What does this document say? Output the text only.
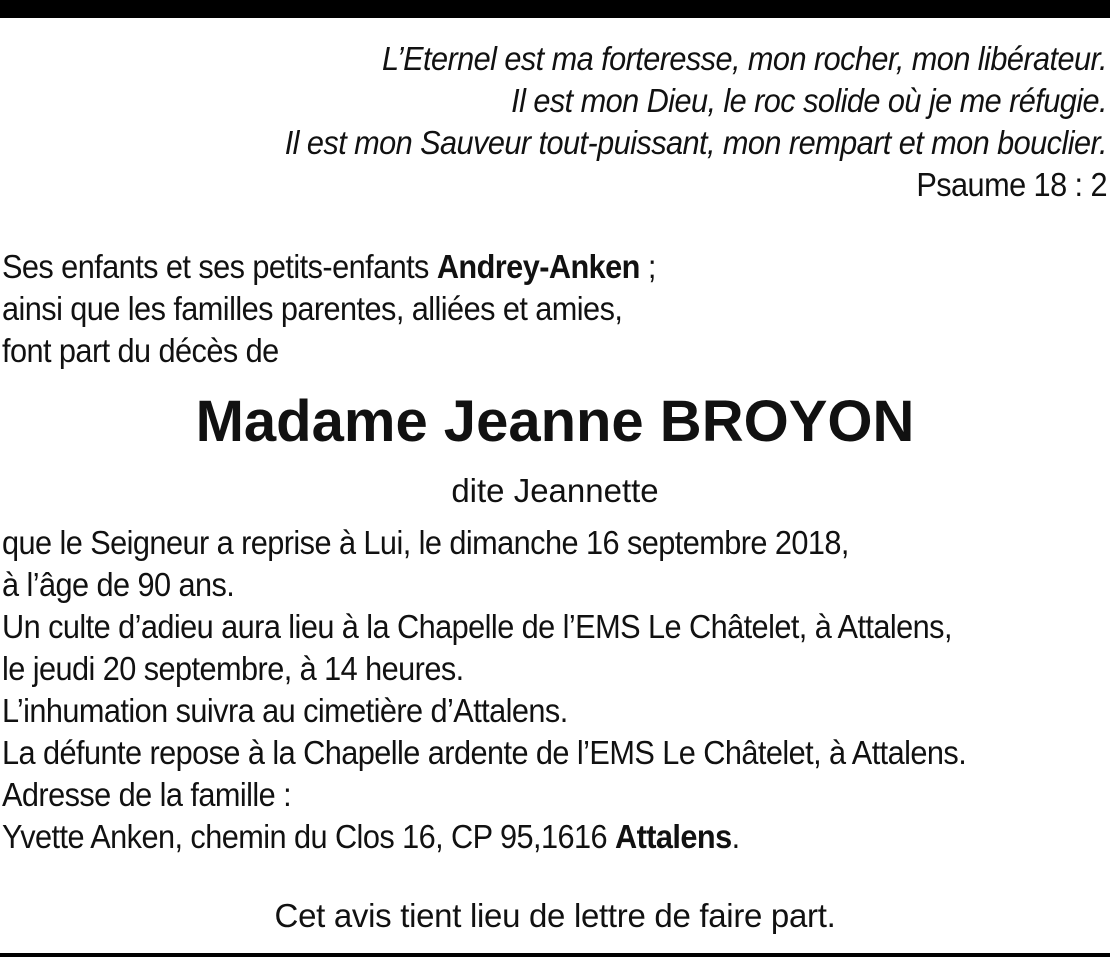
L’Eternel est ma forteresse, mon rocher, mon libérateur.
Il est mon Dieu, le roc solide où je me réfugie.
Il est mon Sauveur tout-puissant, mon rempart et mon bouclier.
Psaume 18 : 2
Ses enfants et ses petits-enfants Andrey-Anken ;
ainsi que les familles parentes, alliées et amies,
font part du décès de
Madame Jeanne BROYON
dite Jeannette
que le Seigneur a reprise à Lui, le dimanche 16 septembre 2018,
à l’âge de 90 ans.
Un culte d’adieu aura lieu à la Chapelle de l’EMS Le Châtelet, à Attalens,
le jeudi 20 septembre, à 14 heures.
L’inhumation suivra au cimetière d’Attalens.
La défunte repose à la Chapelle ardente de l’EMS Le Châtelet, à Attalens.
Adresse de la famille :
Yvette Anken, chemin du Clos 16, CP 95,1616 Attalens.
Cet avis tient lieu de lettre de faire part.
